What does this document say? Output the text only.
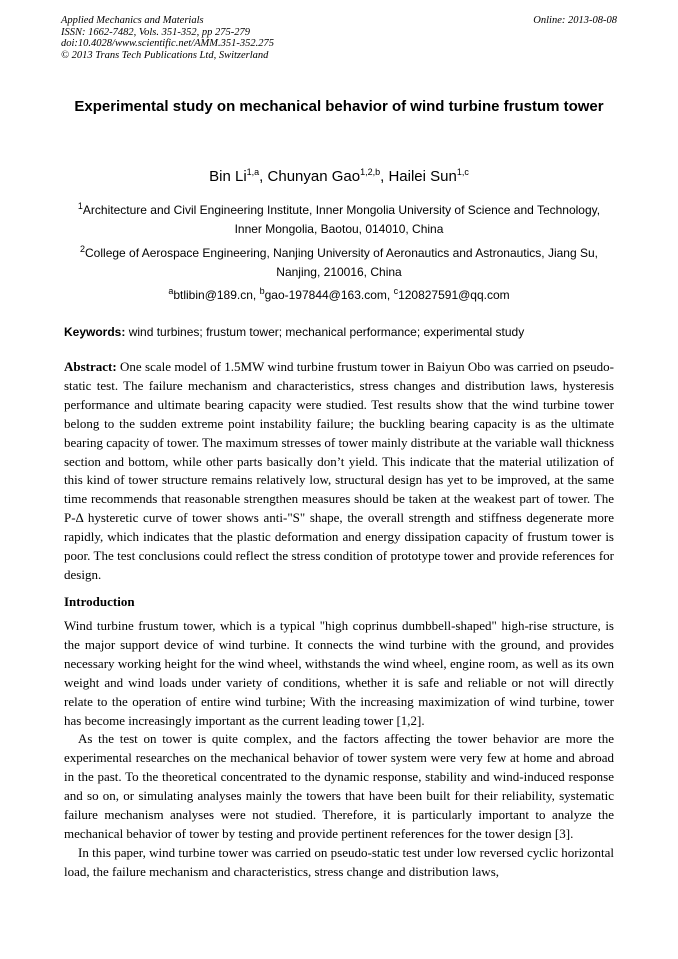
Applied Mechanics and Materials
ISSN: 1662-7482, Vols. 351-352, pp 275-279
doi:10.4028/www.scientific.net/AMM.351-352.275
© 2013 Trans Tech Publications Ltd, Switzerland
Online: 2013-08-08
Experimental study on mechanical behavior of wind turbine frustum tower
Bin Li$^{1,a}$, Chunyan Gao$^{1,2,b}$, Hailei Sun$^{1,c}$
$^1$Architecture and Civil Engineering Institute, Inner Mongolia University of Science and Technology,
Inner Mongolia, Baotou, 014010, China
$^2$College of Aerospace Engineering, Nanjing University of Aeronautics and Astronautics, Jiang Su,
Nanjing, 210016, China
$^a$btlibin@189.cn, $^b$gao-197844@163.com, $^c$120827591@qq.com
Keywords: wind turbines; frustum tower; mechanical performance; experimental study
Abstract: One scale model of 1.5MW wind turbine frustum tower in Baiyun Obo was carried on pseudo-static test. The failure mechanism and characteristics, stress changes and distribution laws, hysteresis performance and ultimate bearing capacity were studied. Test results show that the wind turbine tower belong to the sudden extreme point instability failure; the buckling bearing capacity is as the ultimate bearing capacity of tower. The maximum stresses of tower mainly distribute at the variable wall thickness section and bottom, while other parts basically don’t yield. This indicate that the material utilization of this kind of tower structure remains relatively low, structural design has yet to be improved, at the same time recommends that reasonable strengthen measures should be taken at the weakest part of tower. The P-Δ hysteretic curve of tower shows anti-"S" shape, the overall strength and stiffness degenerate more rapidly, which indicates that the plastic deformation and energy dissipation capacity of frustum tower is poor. The test conclusions could reflect the stress condition of prototype tower and provide references for design.
Introduction

Wind turbine frustum tower, which is a typical "high coprinus dumbbell-shaped" high-rise structure, is the major support device of wind turbine. It connects the wind turbine with the ground, and provides necessary working height for the wind wheel, withstands the wind wheel, engine room, as well as its own weight and wind loads under variety of conditions, whether it is safe and reliable or not will directly relate to the operation of entire wind turbine; With the increasing maximization of wind turbine, tower has become increasingly important as the current leading tower [1,2].

As the test on tower is quite complex, and the factors affecting the tower behavior are more the experimental researches on the mechanical behavior of tower system were very few at home and abroad in the past. To the theoretical concentrated to the dynamic response, stability and wind-induced response and so on, or simulating analyses mainly the towers that have been built for their reliability, systematic failure mechanism analyses were not studied. Therefore, it is particularly important to analyze the mechanical behavior of tower by testing and provide pertinent references for the tower design [3].

In this paper, wind turbine tower was carried on pseudo-static test under low reversed cyclic horizontal load, the failure mechanism and characteristics, stress change and distribution laws,
